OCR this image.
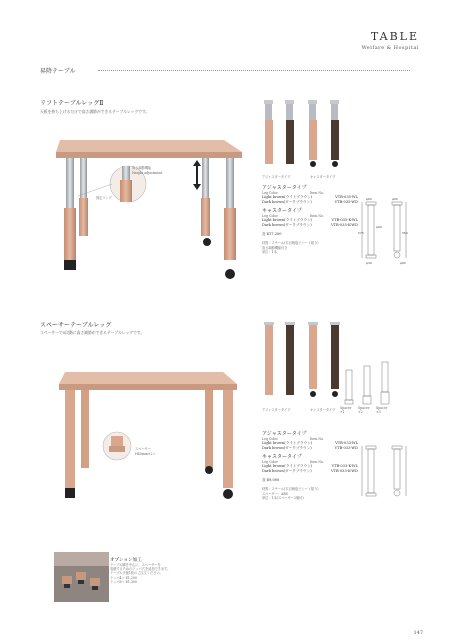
TABLE
Welfare & Hospital
昇降テーブル
リフトテーブルレッグⅡ
天板を持ち上げるだけで高さ調節ができるテーブルレッグです。
高さ調節機能
Height adjustment
固定リング
アジャスタータイプ	キャスタータイプ
アジャスタータイプ
Leg Color	Item No.
Light brown(ライトブラウン)	VTB-035-WL
Dark brown(ダークブラウン)	VTB-035-WD
キャスタータイプ
Leg Color	Item No.
Light brown(ライトブラウン)	VTB-035-K-WL
Dark brown(ダークブラウン)	VTB-035-K-WD
各 ¥17,200
材質：スチール(木目柄塩ビシート貼り)
高さ調節機能付き
単位：1本
φ60	φ60
575	950
φ60
φ40	φ60
スペーサーテーブルレッグ
スペーサーで5段階に高さ調節ができるテーブルレッグです。
スペーサー
H40mm×2ヶ
アジャスタータイプ	キャスタータイプ Spacer ×1
Spacer ×2
Spacer ×3
アジャスタータイプ
Leg Color	Item No.
Light brown(ライトブラウン)	VTB-033-WL
Dark brown(ダークブラウン)	VTB-033-WD
キャスタータイプ
Leg Color	Item No.
Light brown(ライトブラウン)	VTB-033-K-WL
Dark brown(ダークブラウン)	VTB-033-K-WD
各 ¥9,000
材質：スチール(木目柄塩ビシート貼り)
スペーサー：ABS
単位：1本(スペーサー2個付)
オプション加工
テーブル脚を中心に、スペーサーを
収納するためのテッパ穴を追加できます。
テーブル天板1枚のご注文ください。
テッパ4ヶ ¥1,200
テッパ8ヶ ¥1,300
147
